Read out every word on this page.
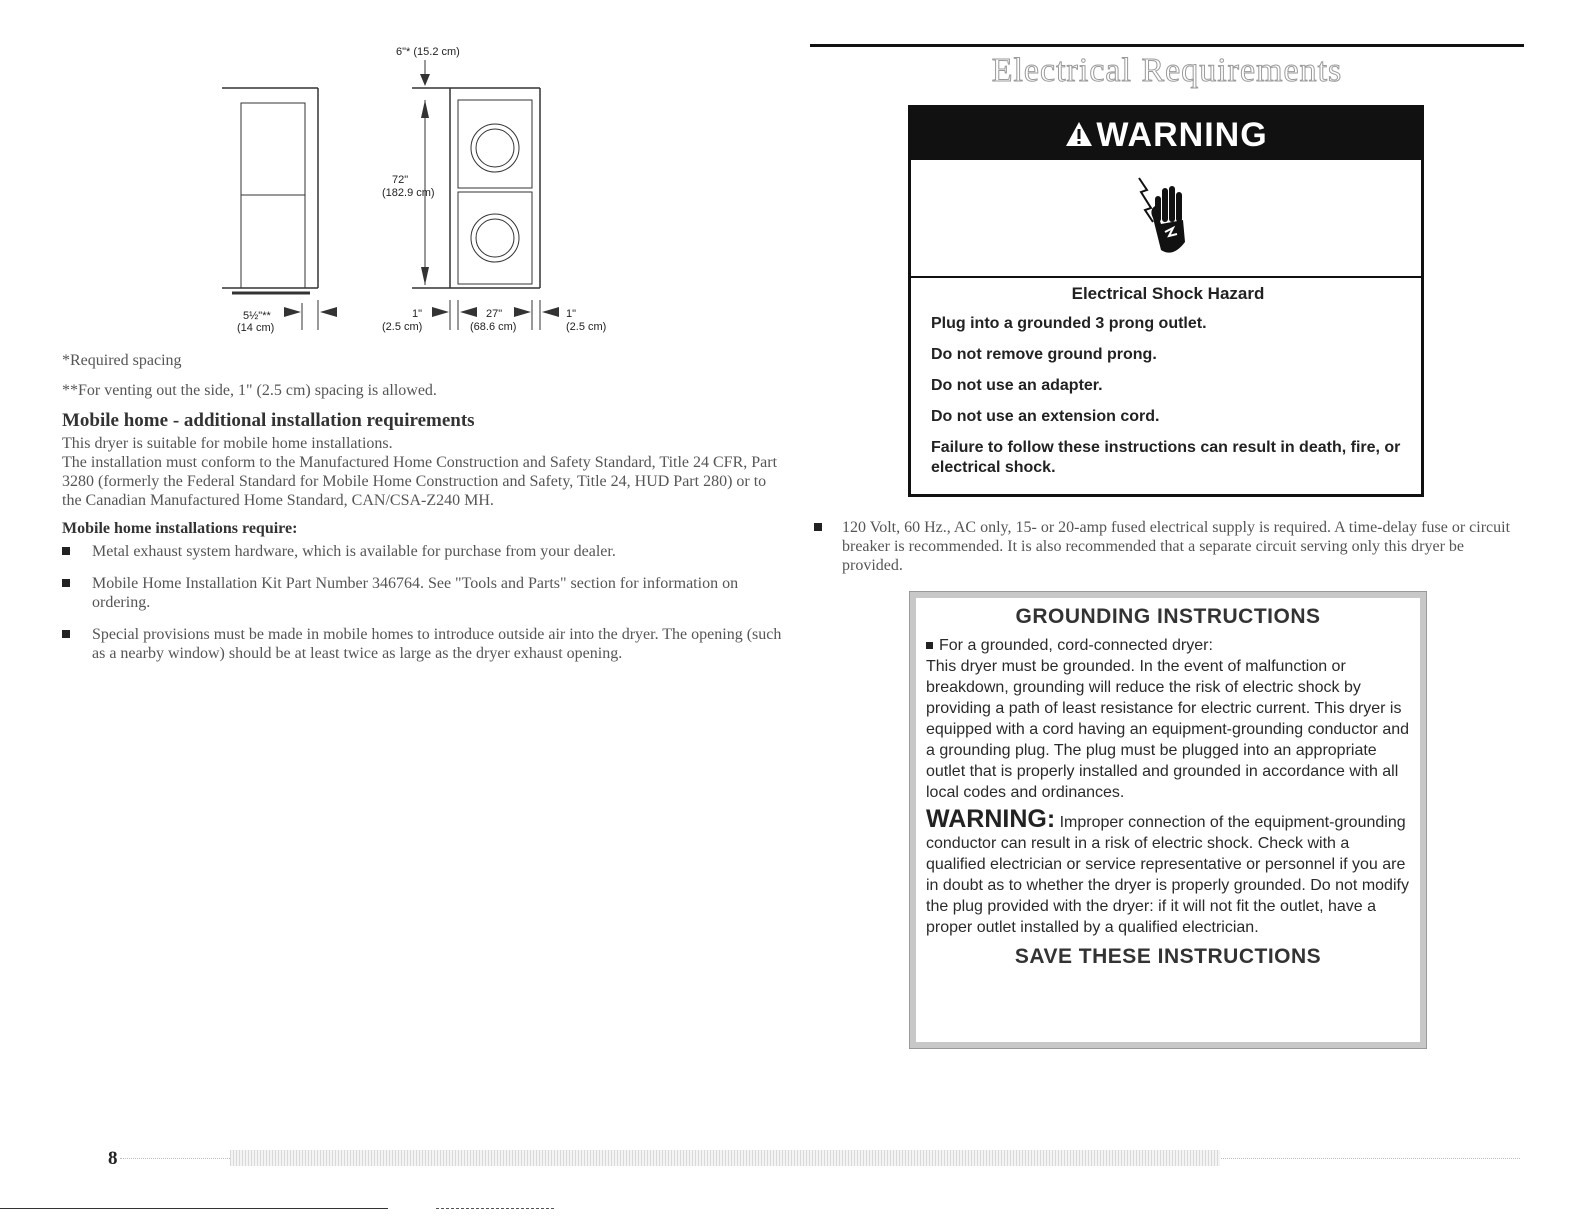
6"* (15.2 cm)
72"
(182.9 cm)
5½"**
(14 cm)
1"
(2.5 cm)
27"
(68.6 cm)
1"
(2.5 cm)
*Required spacing
**For venting out the side, 1" (2.5 cm) spacing is allowed.
Mobile home - additional installation requirements

This dryer is suitable for mobile home installations.

The installation must conform to the Manufactured Home Construction and Safety Standard, Title 24 CFR, Part 3280 (formerly the Federal Standard for Mobile Home Construction and Safety, Title 24, HUD Part 280) or to the Canadian Manufactured Home Standard, CAN/CSA-Z240 MH.

Mobile home installations require:
Metal exhaust system hardware, which is available for purchase from your dealer.
Mobile Home Installation Kit Part Number 346764. See "Tools and Parts" section for information on ordering.
Special provisions must be made in mobile homes to introduce outside air into the dryer. The opening (such as a nearby window) should be at least twice as large as the dryer exhaust opening.
8
Electrical Requirements
WARNING
Electrical Shock Hazard
Plug into a grounded 3 prong outlet.
Do not remove ground prong.
Do not use an adapter.
Do not use an extension cord.
Failure to follow these instructions can result in death, fire, or electrical shock.

120 Volt, 60 Hz., AC only, 15- or 20-amp fused electrical supply is required. A time-delay fuse or circuit breaker is recommended. It is also recommended that a separate circuit serving only this dryer be provided.

GROUNDING INSTRUCTIONS

For a grounded, cord-connected dryer:

This dryer must be grounded. In the event of malfunction or breakdown, grounding will reduce the risk of electric shock by providing a path of least resistance for electric current. This dryer is equipped with a cord having an equipment-grounding conductor and a grounding plug. The plug must be plugged into an appropriate outlet that is properly installed and grounded in accordance with all local codes and ordinances.

WARNING: Improper connection of the equipment-grounding conductor can result in a risk of electric shock. Check with a qualified electrician or service representative or personnel if you are in doubt as to whether the dryer is properly grounded. Do not modify the plug provided with the dryer: if it will not fit the outlet, have a proper outlet installed by a qualified electrician.

SAVE THESE INSTRUCTIONS
